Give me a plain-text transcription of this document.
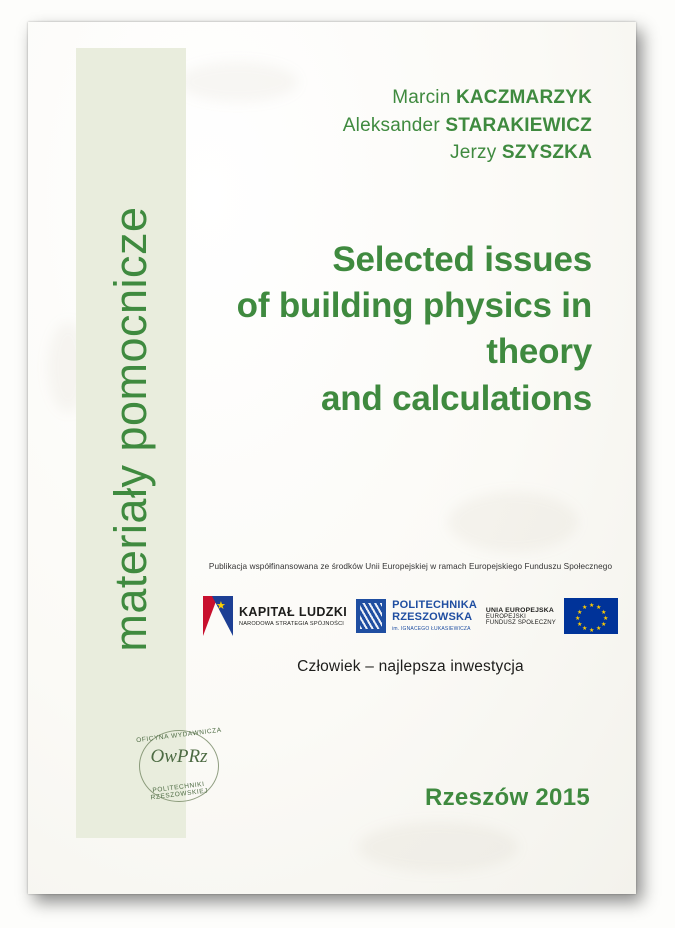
materiały pomocnicze
OFICYNA WYDAWNICZA
OwPRz
POLITECHNIKI RZESZOWSKIEJ
Marcin KACZMARZYK
Aleksander STARAKIEWICZ
Jerzy SZYSZKA
Selected issues
of building physics in theory
and calculations
Publikacja współfinansowana ze środków Unii Europejskiej w ramach Europejskiego Funduszu Społecznego
★ KAPITAŁ LUDZKI
NARODOWA STRATEGIA SPÓJNOŚCI
POLITECHNIKA
RZESZOWSKA
im. IGNACEGO ŁUKASIEWICZA
UNIA EUROPEJSKA
EUROPEJSKI
FUNDUSZ SPOŁECZNY
★ ★
★
★
★
★
★
★
★
★
★
★
Człowiek – najlepsza inwestycja
Rzeszów 2015
